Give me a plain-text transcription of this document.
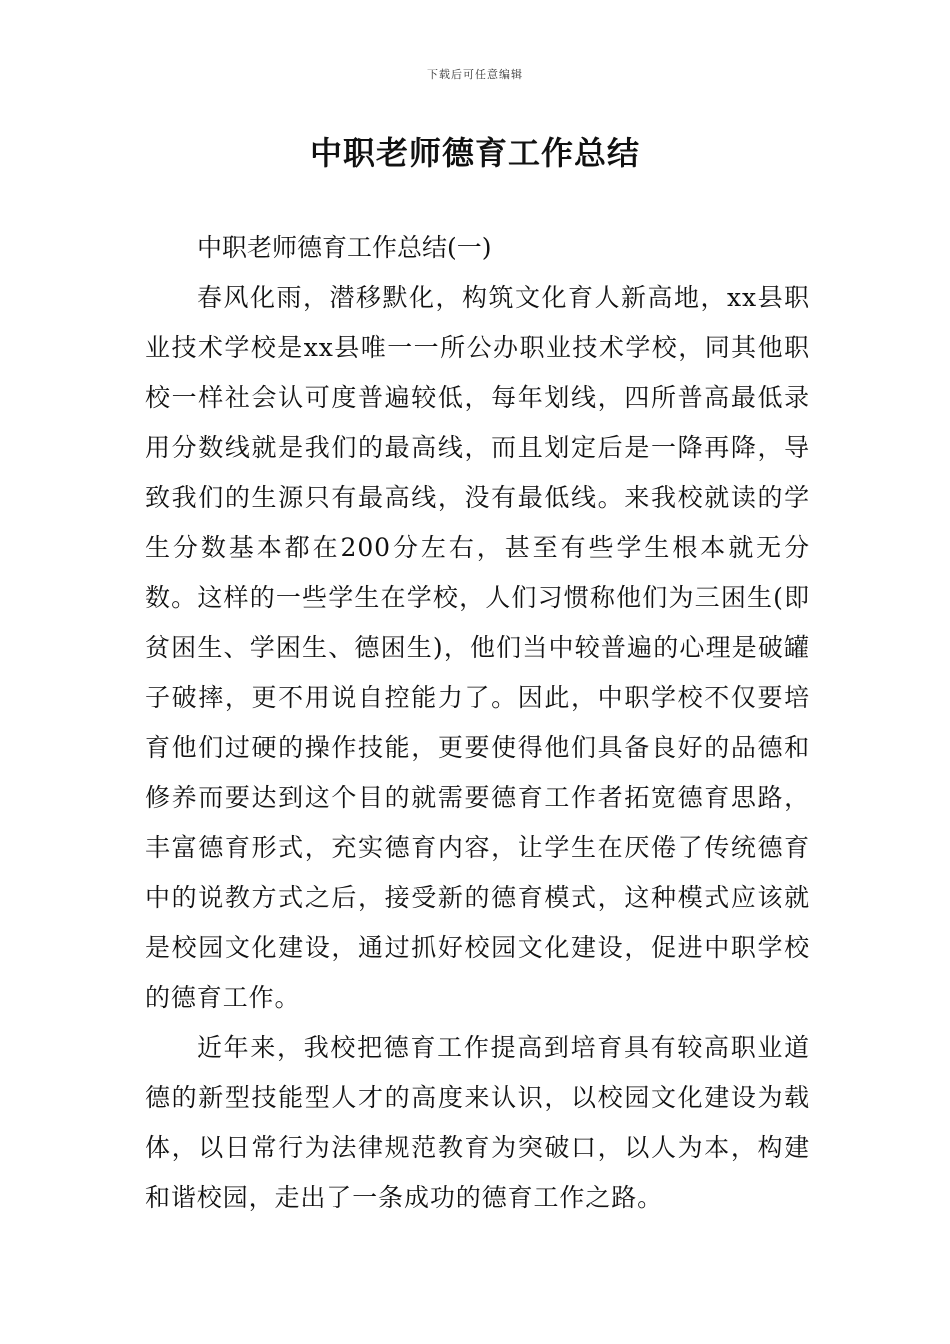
下载后可任意编辑
中职老师德育工作总结

中职老师德育工作总结(一)

春风化雨，潜移默化，构筑文化育人新高地，xx县职业技术学校是xx县唯一一所公办职业技术学校，同其他职校一样社会认可度普遍较低，每年划线，四所普高最低录用分数线就是我们的最高线，而且划定后是一降再降，导致我们的生源只有最高线，没有最低线。来我校就读的学生分数基本都在200分左右，甚至有些学生根本就无分数。这样的一些学生在学校，人们习惯称他们为三困生(即贫困生、学困生、德困生)，他们当中较普遍的心理是破罐子破摔，更不用说自控能力了。因此，中职学校不仅要培育他们过硬的操作技能，更要使得他们具备良好的品德和修养而要达到这个目的就需要德育工作者拓宽德育思路，丰富德育形式，充实德育内容，让学生在厌倦了传统德育中的说教方式之后，接受新的德育模式，这种模式应该就是校园文化建设，通过抓好校园文化建设，促进中职学校的德育工作。

近年来，我校把德育工作提高到培育具有较高职业道德的新型技能型人才的高度来认识，以校园文化建设为载体，以日常行为法律规范教育为突破口，以人为本，构建和谐校园，走出了一条成功的德育工作之路。
